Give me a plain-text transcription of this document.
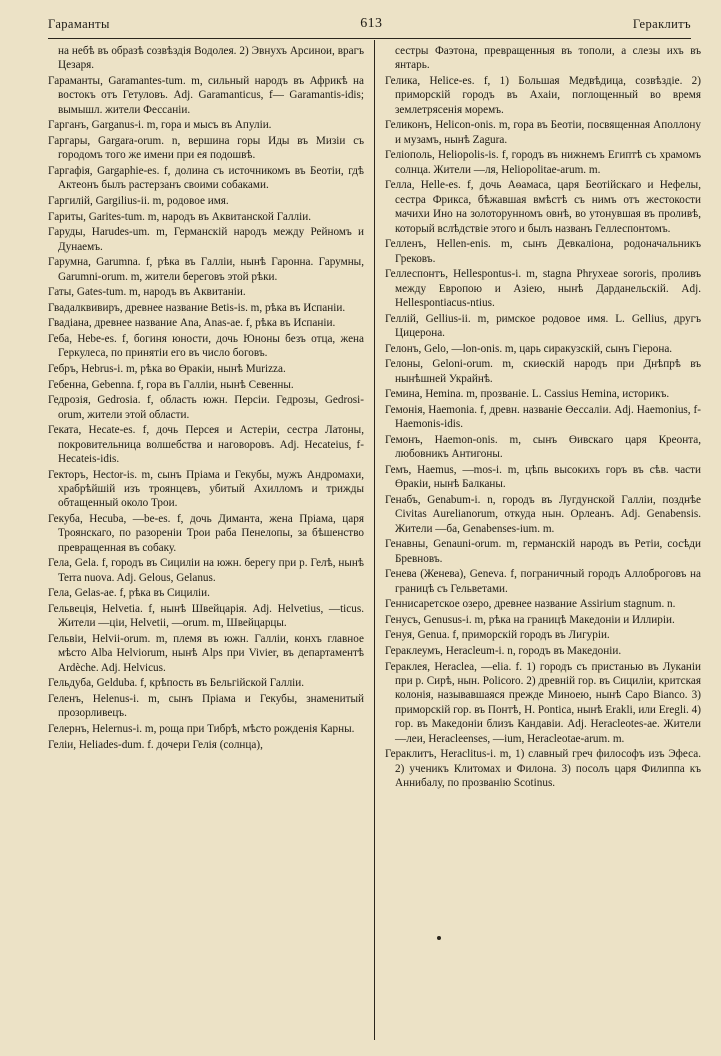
Гараманты	613	Гераклитъ

на небѣ въ образѣ созвѣздія Водолея. 2) Эвнухъ Арсинои, врагъ Цезаря.

Гараманты, Garamantes-tum. m, сильный народъ въ Африкѣ на востокъ отъ Гетуловъ. Adj. Garamanticus, f— Garamantis-idis; вымышл. жители Фессаніи.

Гарганъ, Garganus-i. m, гора и мысъ въ Апуліи.

Гаргары, Gargara-orum. n, вершина горы Иды въ Мизіи съ городомъ того же имени при ея подошвѣ.

Гаргафія, Gargaphie-es. f, долина съ источникомъ въ Беотіи, гдѣ Актеонъ былъ растерзанъ своими собаками.

Гаргилій, Gargilius-ii. m, родовое имя.

Гариты, Garites-tum. m, народъ въ Аквитанской Галліи.

Гаруды, Harudes-um. m, Германскій народъ между Рейномъ и Дунаемъ.

Гарумна, Garumna. f, рѣка въ Галліи, нынѣ Гаронна. Гарумны, Garumni-orum. m, жители береговъ этой рѣки.

Гаты, Gates-tum. m, народъ въ Аквитаніи.

Гвадалквивиръ, древнее название Betis-is. m, рѣка въ Испаніи.

Гвадіана, древнее название Ana, Anas-ae. f, рѣка въ Испаніи.

Геба, Hebe-es. f, богиня юности, дочь Юноны безъ отца, жена Геркулеса, по принятіи его въ число боговъ.

Гебръ, Hebrus-i. m, рѣка во Өракіи, нынѣ Murizza.

Гебенна, Gebenna. f, гора въ Галліи, нынѣ Севенны.

Гедрозія, Gedrosia. f, область южн. Персіи. Гедрозы, Gedrosi-orum, жители этой области.

Геката, Hecate-es. f, дочь Персея и Астеріи, сестра Латоны, покровительница волшебства и наговоровъ. Adj. Hecateius, f- Hecateis-idis.

Гекторъ, Hector-is. m, сынъ Пріама и Гекубы, мужъ Андромахи, храбрѣйшій изъ троянцевъ, убитый Ахилломъ и трижды обтащенный около Трои.

Гекуба, Hecuba, —be-es. f, дочь Диманта, жена Пріама, царя Троянскаго, по разореніи Трои раба Пенелопы, за бѣшенство превращенная въ собаку.

Гела, Gela. f, городъ въ Сициліи на южн. берегу при р. Гелѣ, нынѣ Terra nuova. Adj. Gelous, Gelanus.

Гела, Gelas-ae. f, рѣка въ Сициліи.

Гельвеція, Helvetia. f, нынѣ Швейцарія. Adj. Helvetius, —ticus. Жители —ціи, Helvetii, —orum. m, Швейцарцы.

Гельвіи, Helvii-orum. m, племя въ южн. Галліи, конхъ главное мѣсто Alba Helviorum, нынѣ Alps при Vivier, въ департаментѣ Ardèche. Adj. Helvicus.

Гельдуба, Gelduba. f, крѣпость въ Бельгійской Галліи.

Геленъ, Helenus-i. m, сынъ Пріама и Гекубы, знаменитый прозорливецъ.

Гелернъ, Helernus-i. m, роща при Тибрѣ, мѣсто рожденія Карны.

Геліи, Heliades-dum. f. дочери Гелія (солнца),

сестры Фаэтона, превращенныя въ тополи, а слезы ихъ въ янтарь.

Гелика, Helice-es. f, 1) Большая Медвѣдица, созвѣздіе. 2) приморскій городъ въ Ахаіи, поглощенный во время землетрясенія моремъ.

Геликонъ, Helicon-onis. m, гора въ Беотіи, посвященная Аполлону и музамъ, нынѣ Zagura.

Геліополь, Heliopolis-is. f, городъ въ нижнемъ Египтѣ съ храмомъ солнца. Жители —ля, Heliopolitae-arum. m.

Гелла, Helle-es. f, дочь Аөамаса, царя Беотійскаго и Нефелы, сестра Фрикса, бѣжавшая вмѣстѣ съ нимъ отъ жестокости мачихи Ино на золоторунномъ овнѣ, во утонувшая въ проливѣ, который вслѣдствіе этого и былъ названъ Геллеспонтомъ.

Гелленъ, Hellen-enis. m, сынъ Девкаліона, родоначальникъ Грековъ.

Геллеспонтъ, Hellespontus-i. m, stagna Phryxeae sororis, проливъ между Европою и Азіею, нынѣ Дарданельскій. Adj. Hellespontiacus-ntius.

Геллій, Gellius-ii. m, римское родовое имя. L. Gellius, другъ Цицерона.

Гелонъ, Gelo, —lon-onis. m, царь сиракузскій, сынъ Гіерона.

Гелоны, Geloni-orum. m, скиөскій народъ при Днѣпрѣ въ нынѣшней Украйнѣ.

Гемина, Hemina. m, прозваніе. L. Cassius Hemina, историкъ.

Гемонія, Haemonia. f, древн. названіе Өессаліи. Adj. Haemonius, f- Haemonis-idis.

Гемонъ, Haemon-onis. m, сынъ Өивскаго царя Креонта, любовникъ Антигоны.

Гемъ, Haemus, —mos-i. m, цѣпь высокихъ горъ въ сѣв. части Өракіи, нынѣ Балканы.

Генабъ, Genabum-i. n, городъ въ Лугдунской Галліи, позднѣе Civitas Aurelianorum, откуда нын. Орлеанъ. Adj. Genabensis. Жители —ба, Genabenses-ium. m.

Генавны, Genauni-orum. m, германскій народъ въ Ретіи, сосѣди Бревновъ.

Генева (Женева), Geneva. f, пограничный городъ Аллоброговъ на границѣ съ Гельветами.

Геннисаретское озеро, древнее название Assirium stagnum. n.

Генусъ, Genusus-i. m, рѣка на границѣ Македоніи и Иллиріи.

Генуя, Genua. f, приморскій городъ въ Лигуріи.

Гераклеумъ, Heracleum-i. n, городъ въ Македоніи.

Гераклея, Heraclea, —elia. f. 1) городъ съ пристанью въ Луканіи при р. Сирѣ, нын. Policoro. 2) древній гор. въ Сициліи, критская колонія, называвшаяся прежде Миноею, нынѣ Capo Bianco. 3) приморскій гор. въ Понтѣ, H. Pontica, нынѣ Erakli, или Eregli. 4) гор. въ Македоніи близъ Кандавіи. Adj. Heracleotes-ae. Жители —леи, Heracleenses, —ium, Heracleotae-arum. m.

Гераклитъ, Heraclitus-i. m, 1) славный греч философъ изъ Эфеса. 2) ученикъ Клитомах и Филона. 3) посолъ царя Филиппа къ Аннибалу, по прозванію Scotinus.
